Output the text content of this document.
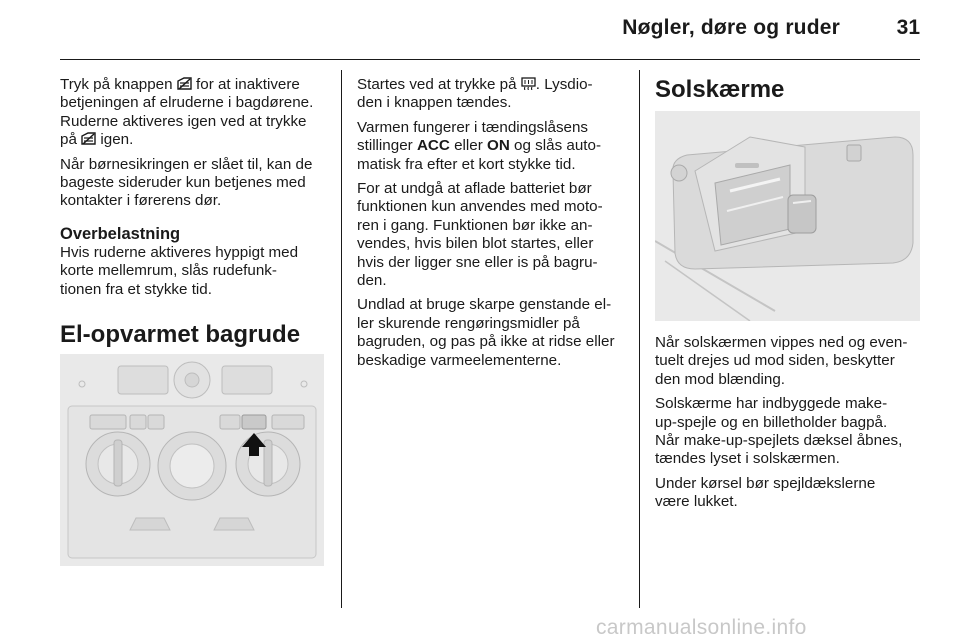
Nøgler, døre og ruder	31

Tryk på knappen for at inaktivere
betjeningen af elruderne i bagdørene.
Ruderne aktiveres igen ved at trykke
på igen.

Når børnesikringen er slået til, kan de
bageste sideruder kun betjenes med
kontakter i førerens dør.

Overbelastning

Hvis ruderne aktiveres hyppigt med
korte mellemrum, slås rudefunk-
tionen fra et stykke tid.

El-opvarmet bagrude

Startes ved at trykke på . Lysdio-
den i knappen tændes.

Varmen fungerer i tændingslåsens
stillinger ACC eller ON og slås auto-
matisk fra efter et kort stykke tid.

For at undgå at aflade batteriet bør
funktionen kun anvendes med moto-
ren i gang. Funktionen bør ikke an-
vendes, hvis bilen blot startes, eller
hvis der ligger sne eller is på bagru-
den.

Undlad at bruge skarpe genstande el-
ler skurende rengøringsmidler på
bagruden, og pas på ikke at ridse eller
beskadige varmeelementerne.

Solskærme

Når solskærmen vippes ned og even-
tuelt drejes ud mod siden, beskytter
den mod blænding.

Solskærme har indbyggede make-
up-spejle og en billetholder bagpå.
Når make-up-spejlets dæksel åbnes,
tændes lyset i solskærmen.

Under kørsel bør spejldækslerne
være lukket.

carmanualsonline.info
